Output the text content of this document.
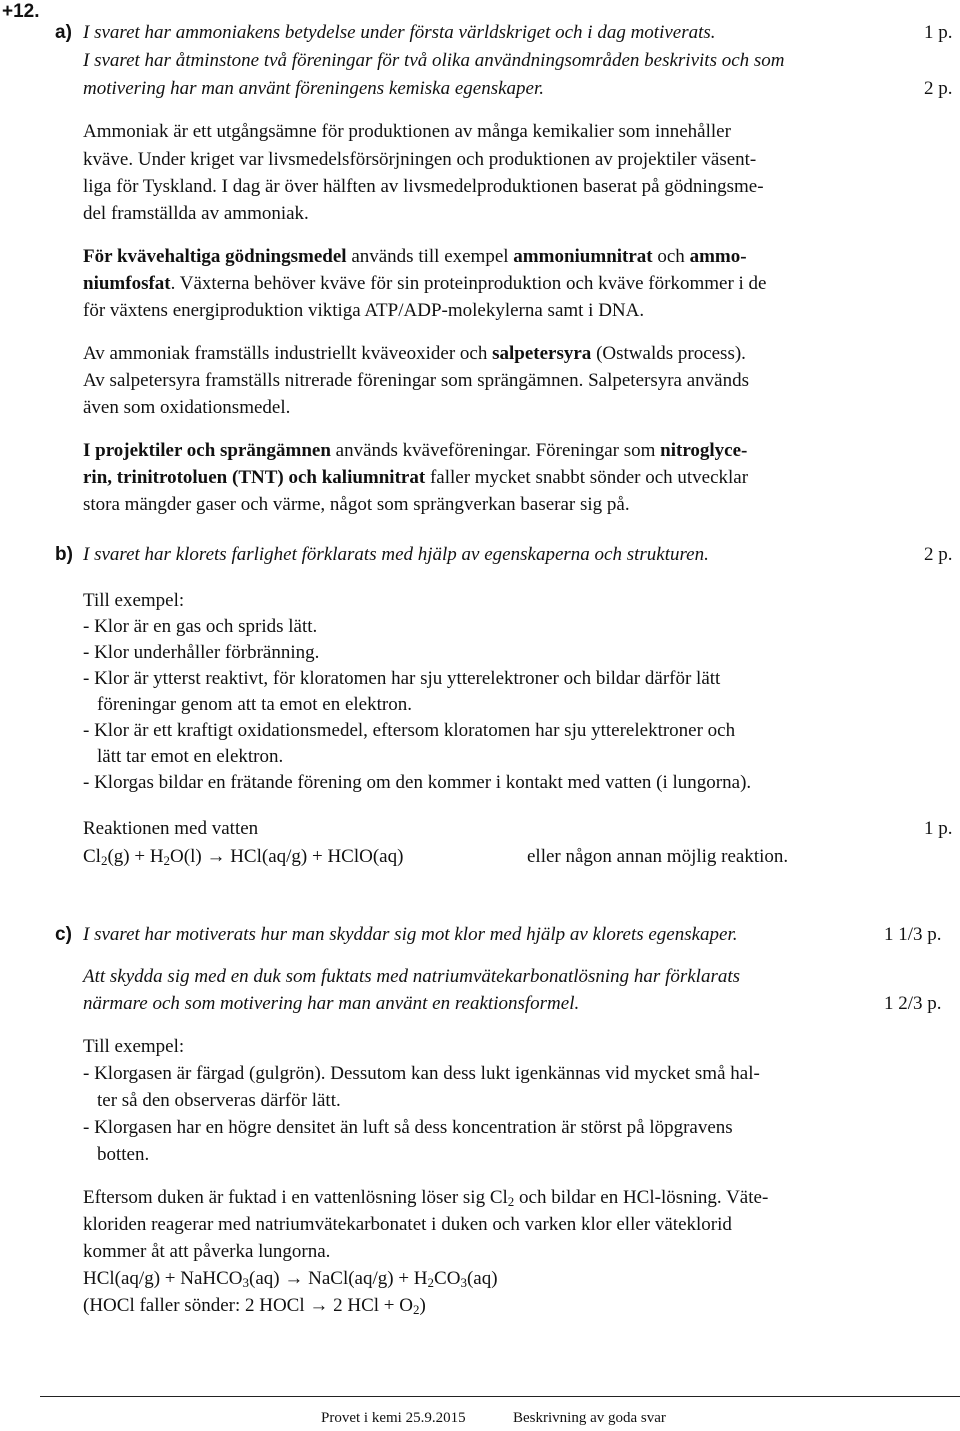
+12.
a) I svaret har ammoniakens betydelse under första världskriget och i dag motiverats.	1 p.
I svaret har åtminstone två föreningar för två olika användningsområden beskrivits och som
motivering har man använt föreningens kemiska egenskaper.	2 p.
Ammoniak är ett utgångsämne för produktionen av många kemikalier som innehåller
kväve. Under kriget var livsmedelsförsörjningen och produktionen av projektiler väsent-
liga för Tyskland. I dag är över hälften av livsmedelproduktionen baserat på gödningsme-
del framställda av ammoniak.
För kvävehaltiga gödningsmedel används till exempel ammoniumnitrat och ammo-
niumfosfat. Växterna behöver kväve för sin proteinproduktion och kväve förkommer i de
för växtens energiproduktion viktiga ATP/ADP-molekylerna samt i DNA.
Av ammoniak framställs industriellt kväveoxider och salpetersyra (Ostwalds process).
Av salpetersyra framställs nitrerade föreningar som sprängämnen. Salpetersyra används
även som oxidationsmedel.
I projektiler och sprängämnen används kväveföreningar. Föreningar som nitroglyce-
rin, trinitrotoluen (TNT) och kaliumnitrat faller mycket snabbt sönder och utvecklar
stora mängder gaser och värme, något som sprängverkan baserar sig på.
b) I svaret har klorets farlighet förklarats med hjälp av egenskaperna och strukturen.	2 p.
Till exempel:
- Klor är en gas och sprids lätt.
- Klor underhåller förbränning.
- Klor är ytterst reaktivt, för kloratomen har sju ytterelektroner och bildar därför lätt
föreningar genom att ta emot en elektron.
- Klor är ett kraftigt oxidationsmedel, eftersom kloratomen har sju ytterelektroner och
lätt tar emot en elektron.
- Klorgas bildar en frätande förening om den kommer i kontakt med vatten (i lungorna).
Reaktionen med vatten	1 p.
$Cl_2(g) + H_2O(l) \to HCl(aq/g)$ + HClO(aq)	eller någon annan möjlig reaktion.
c) I svaret har motiverats hur man skyddar sig mot klor med hjälp av klorets egenskaper.	1 1/3 p.
Att skydda sig med en duk som fuktats med natriumvätekarbonatlösning har förklarats
närmare och som motivering har man använt en reaktionsformel.	1 2/3 p.
Till exempel:
- Klorgasen är färgad (gulgrön). Dessutom kan dess lukt igenkännas vid mycket små hal-
ter så den observeras därför lätt.
- Klorgasen har en högre densitet än luft så dess koncentration är störst på löpgravens
botten.
Eftersom duken är fuktad i en vattenlösning löser sig $Cl_2$ och bildar en HCl-lösning. Väte-
kloriden reagerar med natriumvätekarbonatet i duken och varken klor eller väteklorid
kommer åt att påverka lungorna.
HCl(aq/g) + NaHCO$_3$(aq) → NaCl(aq/g) + $H_2CO_3(aq)$
(HOCl faller sönder: 2 HOCl → 2 HCl + $O_2$)
Provet i kemi 25.9.2015	Beskrivning av goda svar
